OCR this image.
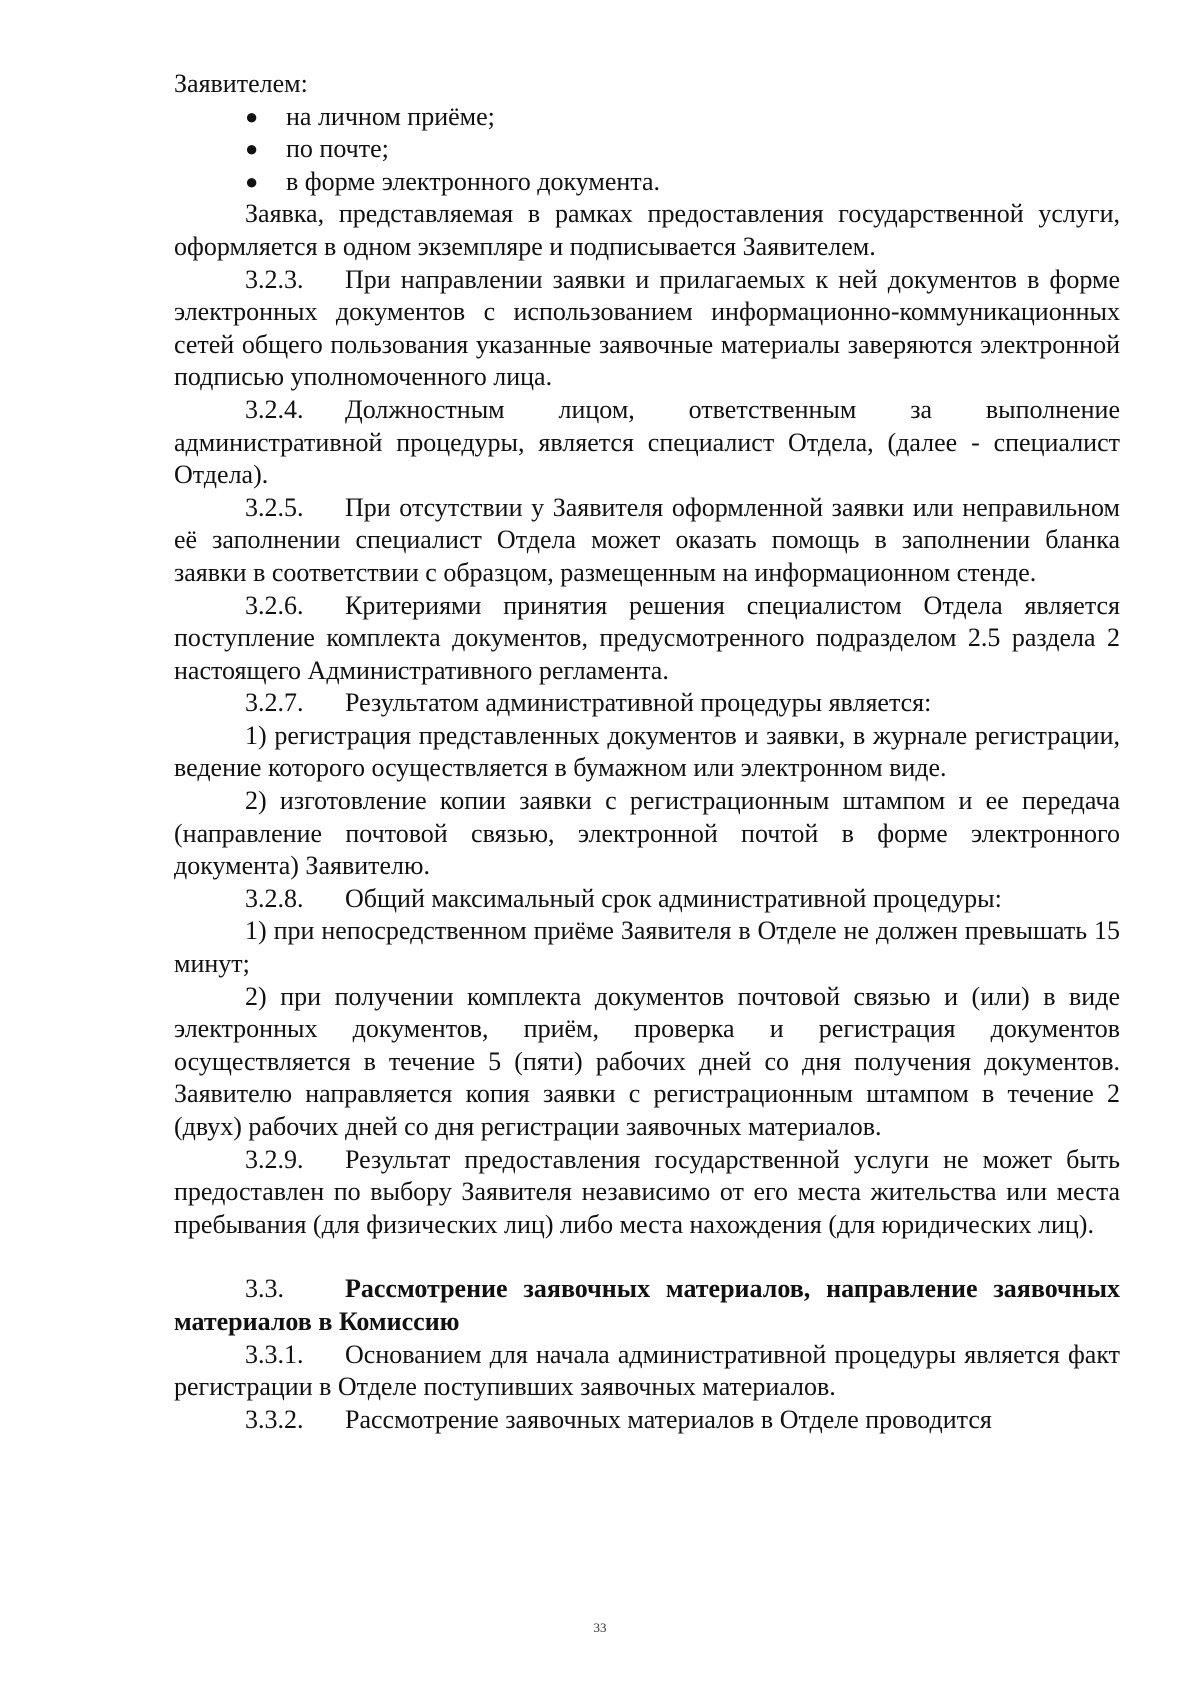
Заявителем:

● на личном приёме;
● по почте;
● в форме электронного документа.

Заявка, представляемая в рамках предоставления государственной услуги, оформляется в одном экземпляре и подписывается Заявителем.

3.2.3. При направлении заявки и прилагаемых к ней документов в форме электронных документов с использованием информационно-коммуникационных сетей общего пользования указанные заявочные материалы заверяются электронной подписью уполномоченного лица.

3.2.4. Должностным лицом, ответственным за выполнение административной процедуры, является специалист Отдела, (далее - специалист Отдела).

3.2.5. При отсутствии у Заявителя оформленной заявки или неправильном её заполнении специалист Отдела может оказать помощь в заполнении бланка заявки в соответствии с образцом, размещенным на информационном стенде.

3.2.6. Критериями принятия решения специалистом Отдела является поступление комплекта документов, предусмотренного подразделом 2.5 раздела 2 настоящего Административного регламента.

3.2.7. Результатом административной процедуры является:

1) регистрация представленных документов и заявки, в журнале регистрации, ведение которого осуществляется в бумажном или электронном виде.

2) изготовление копии заявки с регистрационным штампом и ее передача (направление почтовой связью, электронной почтой в форме электронного документа) Заявителю.

3.2.8. Общий максимальный срок административной процедуры:

1) при непосредственном приёме Заявителя в Отделе не должен превышать 15 минут;

2) при получении комплекта документов почтовой связью и (или) в виде электронных документов, приём, проверка и регистрация документов осуществляется в течение 5 (пяти) рабочих дней со дня получения документов. Заявителю направляется копия заявки с регистрационным штампом в течение 2 (двух) рабочих дней со дня регистрации заявочных материалов.

3.2.9. Результат предоставления государственной услуги не может быть предоставлен по выбору Заявителя независимо от его места жительства или места пребывания (для физических лиц) либо места нахождения (для юридических лиц).

3.3. Рассмотрение заявочных материалов, направление заявочных материалов в Комиссию

3.3.1. Основанием для начала административной процедуры является факт регистрации в Отделе поступивших заявочных материалов.

3.3.2. Рассмотрение заявочных материалов в Отделе проводится

33
